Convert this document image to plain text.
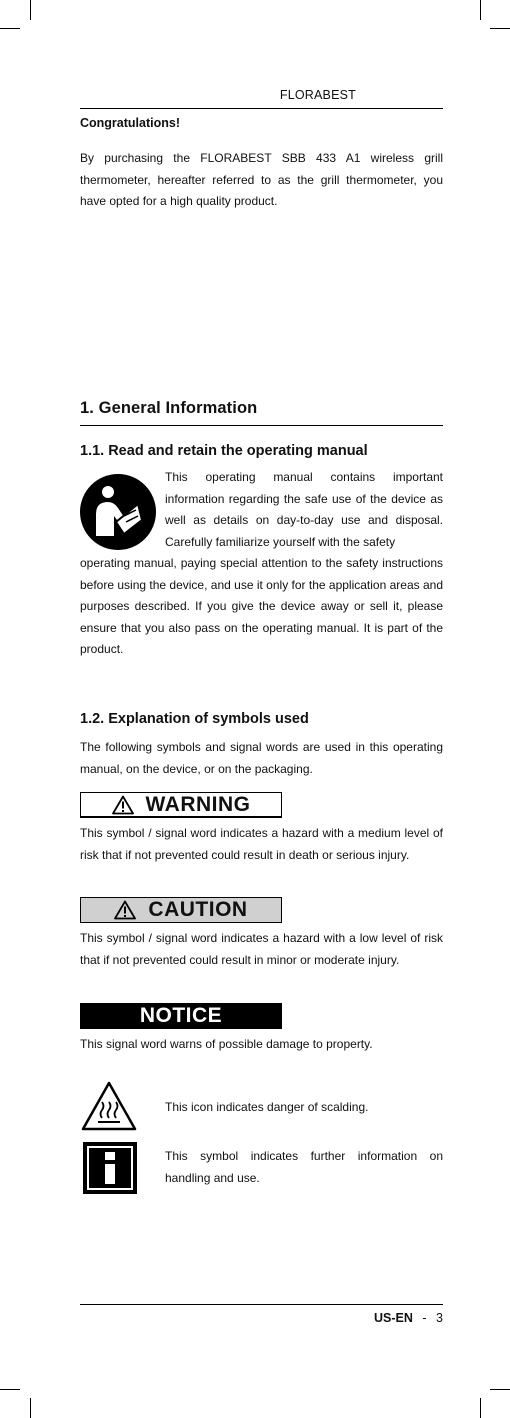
FLORABEST
Congratulations!

By purchasing the FLORABEST SBB 433 A1 wireless grill thermometer, hereafter referred to as the grill thermometer, you have opted for a high quality product.

1. General Information
1.1. Read and retain the operating manual

This operating manual contains important information regarding the safe use of the device as well as details on day-to-day use and disposal. Carefully familiarize yourself with the safety

operating manual, paying special attention to the safety instructions before using the device, and use it only for the application areas and purposes described. If you give the device away or sell it, please ensure that you also pass on the operating manual. It is part of the product.

1.2. Explanation of symbols used

The following symbols and signal words are used in this operating manual, on the device, or on the packaging.

WARNING

This symbol / signal word indicates a hazard with a medium level of risk that if not prevented could result in death or serious injury.

CAUTION

This symbol / signal word indicates a hazard with a low level of risk that if not prevented could result in minor or moderate injury.

NOTICE

This signal word warns of possible damage to property.

This icon indicates danger of scalding.

This symbol indicates further information on handling and use.

US-EN - 3
